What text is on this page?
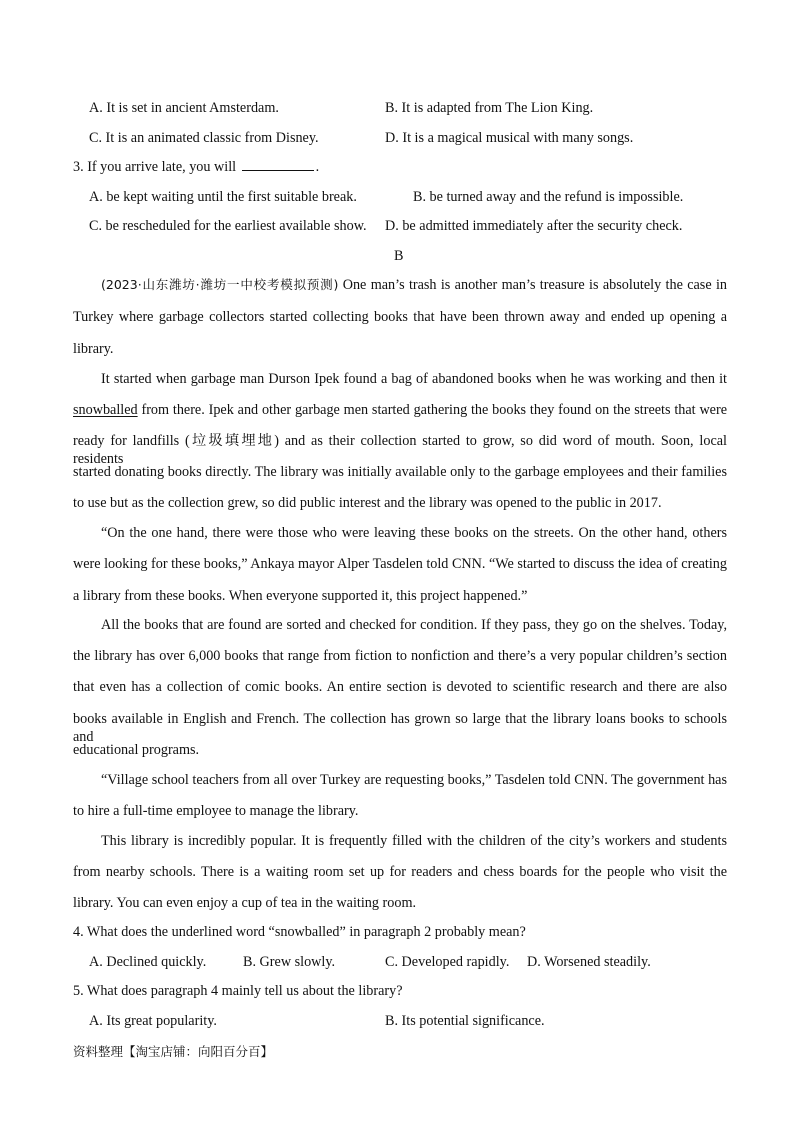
A. It is set in ancient Amsterdam.	B. It is adapted from The Lion King.
C. It is an animated classic from Disney.	D. It is a magical musical with many songs.
3. If you arrive late, you will	.
A. be kept waiting until the first suitable break.	B. be turned away and the refund is impossible.
C. be rescheduled for the earliest available show. D. be admitted immediately after the security check.
B
(2023·山东潍坊·潍坊一中校考模拟预测) One man’s trash is another man’s treasure is absolutely the case in
Turkey where garbage collectors started collecting books that have been thrown away and ended up opening a
library.
It started when garbage man Durson Ipek found a bag of abandoned books when he was working and then it
snowballed from there. Ipek and other garbage men started gathering the books they found on the streets that were
ready for landfills (垃圾填埋地) and as their collection started to grow, so did word of mouth. Soon, local residents
started donating books directly. The library was initially available only to the garbage employees and their families
to use but as the collection grew, so did public interest and the library was opened to the public in 2017.
“On the one hand, there were those who were leaving these books on the streets. On the other hand, others
were looking for these books,” Ankaya mayor Alper Tasdelen told CNN. “We started to discuss the idea of creating
a library from these books. When everyone supported it, this project happened.”
All the books that are found are sorted and checked for condition. If they pass, they go on the shelves. Today,
the library has over 6,000 books that range from fiction to nonfiction and there’s a very popular children’s section
that even has a collection of comic books. An entire section is devoted to scientific research and there are also
books available in English and French. The collection has grown so large that the library loans books to schools and
educational programs.
“Village school teachers from all over Turkey are requesting books,” Tasdelen told CNN. The government has
to hire a full-time employee to manage the library.
This library is incredibly popular. It is frequently filled with the children of the city’s workers and students
from nearby schools. There is a waiting room set up for readers and chess boards for the people who visit the
library. You can even enjoy a cup of tea in the waiting room.
4. What does the underlined word “snowballed” in paragraph 2 probably mean?
A. Declined quickly.	B. Grew slowly.	C. Developed rapidly. D. Worsened steadily.
5. What does paragraph 4 mainly tell us about the library?
A. Its great popularity.	B. Its potential significance.
资料整理【淘宝店铺：向阳百分百】
